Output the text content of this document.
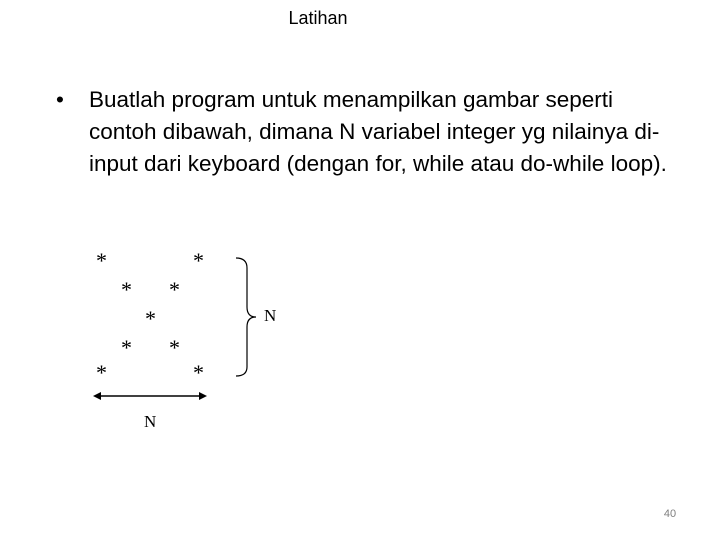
Latihan
•	Buatlah program untuk menampilkan gambar seperti contoh dibawah, dimana N variabel integer yg nilainya di-input dari keyboard (dengan for, while atau do-while loop).
*	*
* *
*
* *
*	*
N
N
40
